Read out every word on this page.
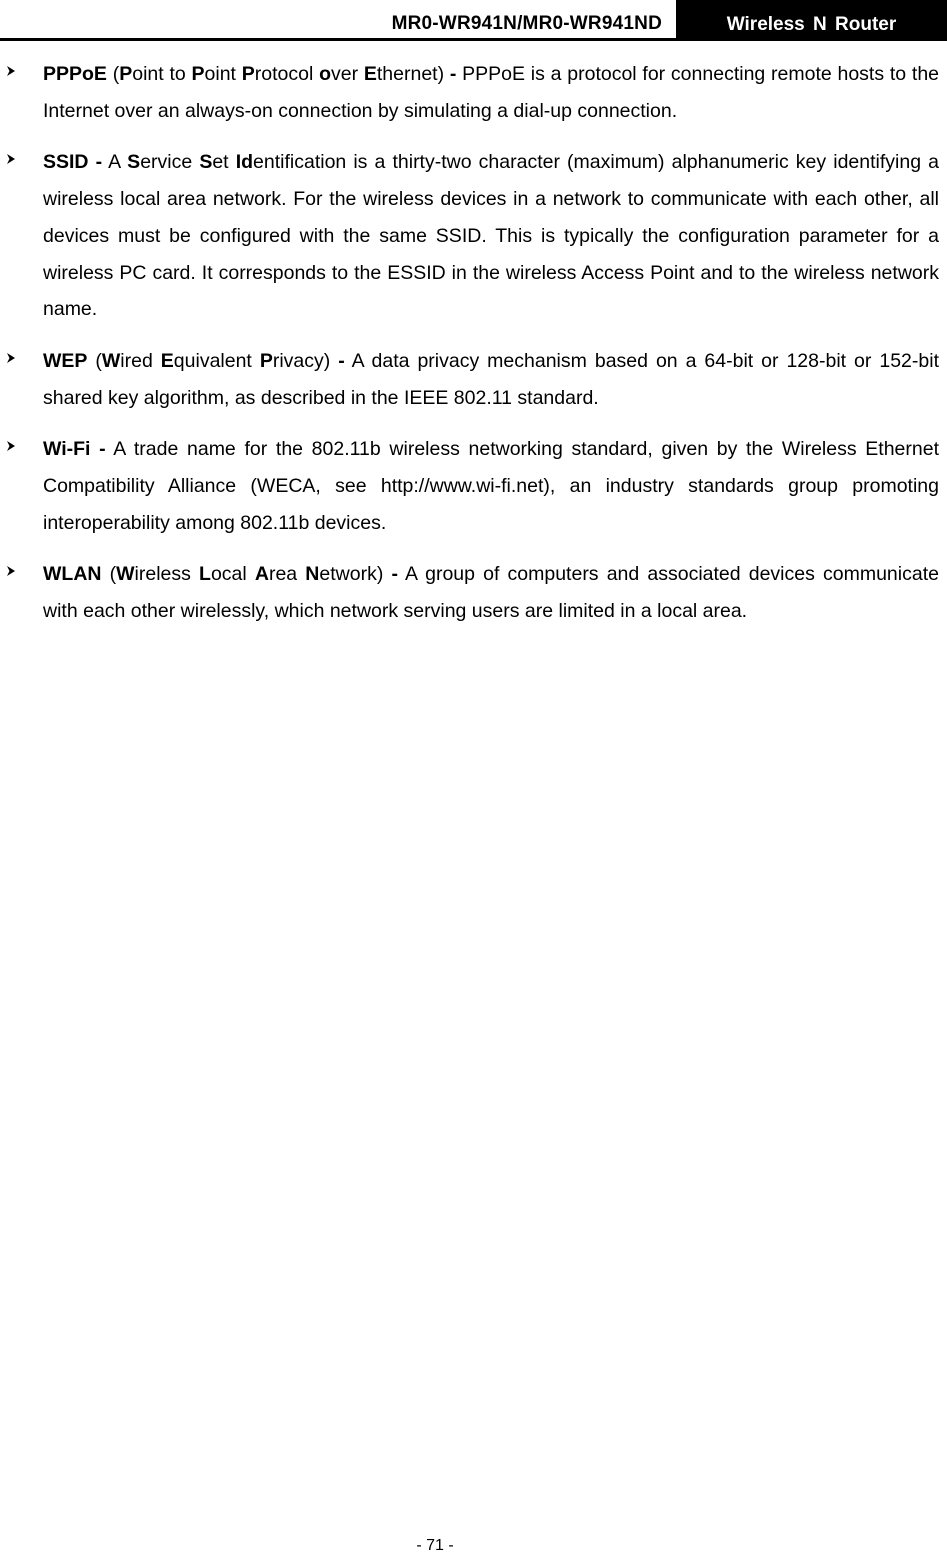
MR0-WR941N/MR0-WR941ND	Wireless N Router
PPPoE (Point to Point Protocol over Ethernet) - PPPoE is a protocol for connecting remote hosts to the Internet over an always-on connection by simulating a dial-up connection.
SSID - A Service Set Identification is a thirty-two character (maximum) alphanumeric key identifying a wireless local area network. For the wireless devices in a network to communicate with each other, all devices must be configured with the same SSID. This is typically the configuration parameter for a wireless PC card. It corresponds to the ESSID in the wireless Access Point and to the wireless network name.
WEP (Wired Equivalent Privacy) - A data privacy mechanism based on a 64-bit or 128-bit or 152-bit shared key algorithm, as described in the IEEE 802.11 standard.
Wi-Fi - A trade name for the 802.11b wireless networking standard, given by the Wireless Ethernet Compatibility Alliance (WECA, see http://www.wi-fi.net), an industry standards group promoting interoperability among 802.11b devices.
WLAN (Wireless Local Area Network) - A group of computers and associated devices communicate with each other wirelessly, which network serving users are limited in a local area.
- 71 -
